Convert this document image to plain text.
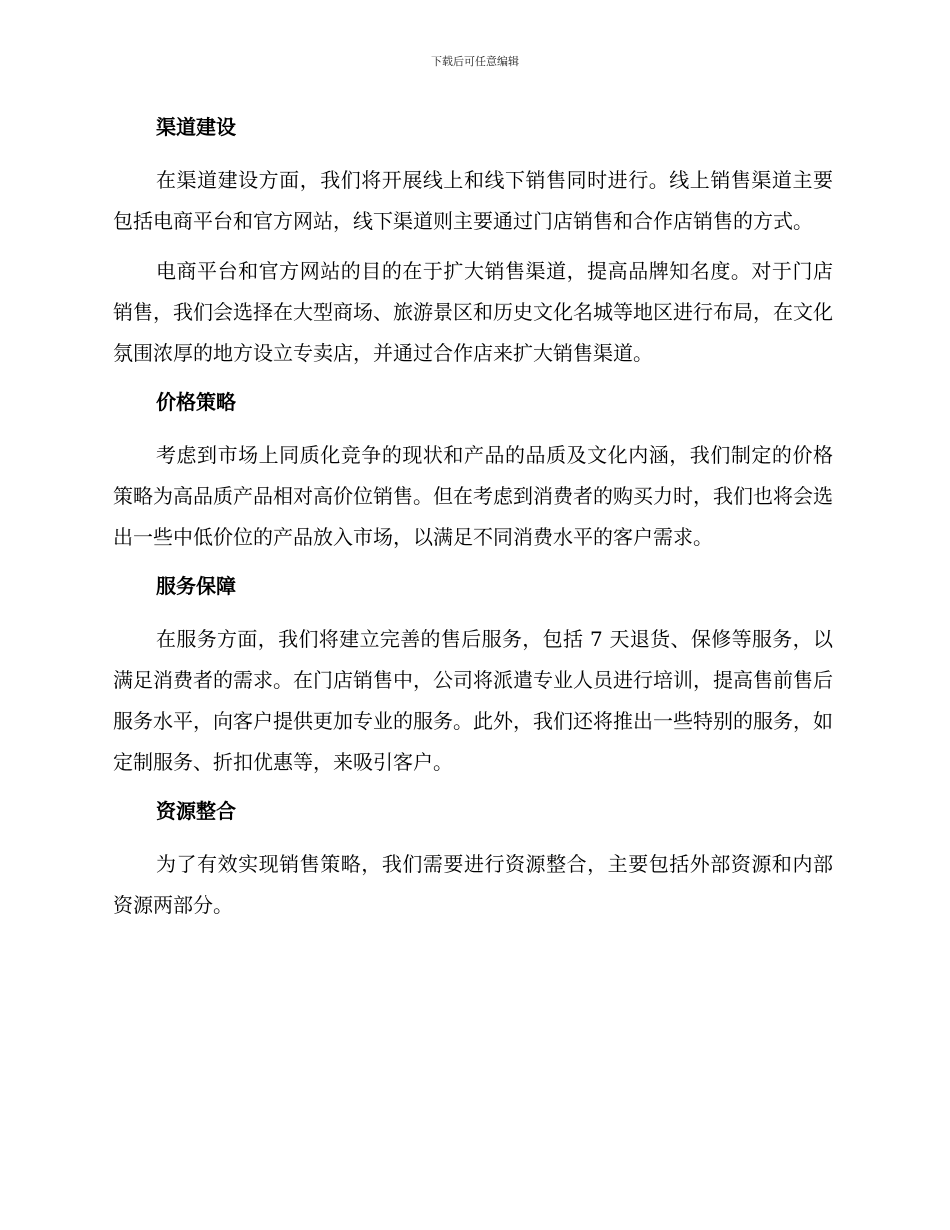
下载后可任意编辑
渠道建设

在渠道建设方面，我们将开展线上和线下销售同时进行。线上销售渠道主要包括电商平台和官方网站，线下渠道则主要通过门店销售和合作店销售的方式。

电商平台和官方网站的目的在于扩大销售渠道，提高品牌知名度。对于门店销售，我们会选择在大型商场、旅游景区和历史文化名城等地区进行布局，在文化氛围浓厚的地方设立专卖店，并通过合作店来扩大销售渠道。

价格策略

考虑到市场上同质化竞争的现状和产品的品质及文化内涵，我们制定的价格策略为高品质产品相对高价位销售。但在考虑到消费者的购买力时，我们也将会选出一些中低价位的产品放入市场，以满足不同消费水平的客户需求。

服务保障

在服务方面，我们将建立完善的售后服务，包括 7 天退货、保修等服务，以满足消费者的需求。在门店销售中，公司将派遣专业人员进行培训，提高售前售后服务水平，向客户提供更加专业的服务。此外，我们还将推出一些特别的服务，如定制服务、折扣优惠等，来吸引客户。

资源整合

为了有效实现销售策略，我们需要进行资源整合，主要包括外部资源和内部资源两部分。
